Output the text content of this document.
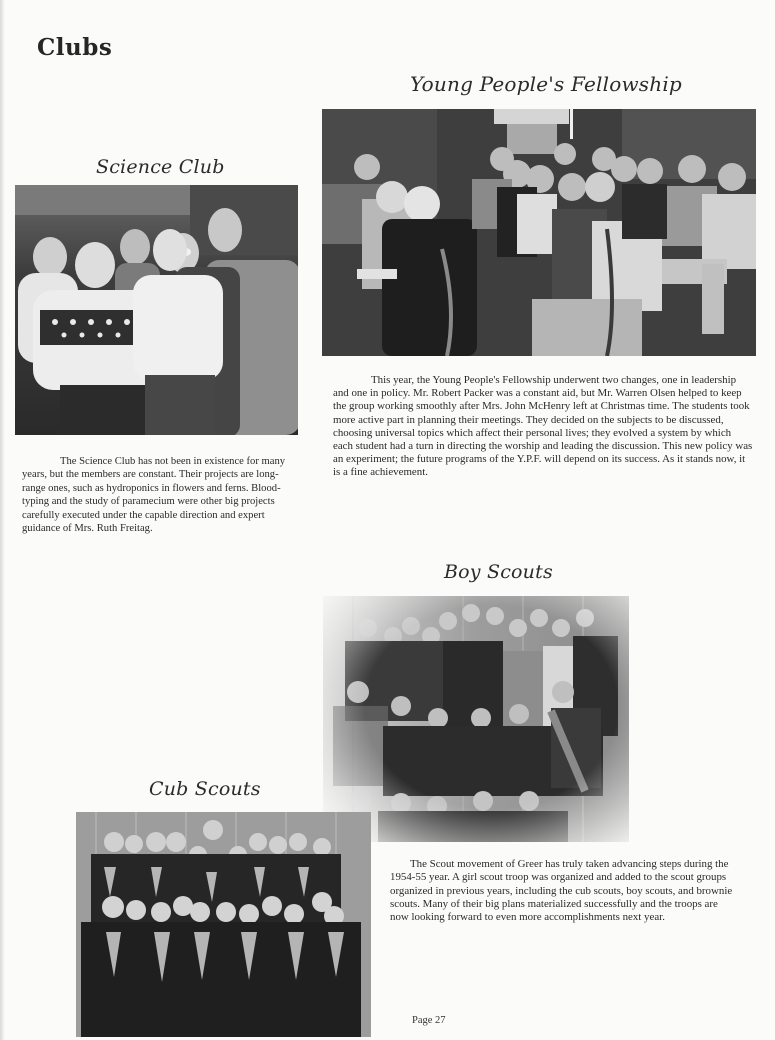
Clubs
Science Club

The Science Club has not been in existence for many years, but the members are constant. Their projects are long-range ones, such as hydroponics in flowers and ferns. Blood-typing and the study of paramecium were other big projects carefully executed under the capable direction and expert guidance of Mrs. Ruth Freitag.

Young People's Fellowship

This year, the Young People's Fellowship underwent two changes, one in leadership and one in policy. Mr. Robert Packer was a constant aid, but Mr. Warren Olsen helped to keep the group working smoothly after Mrs. John McHenry left at Christmas time. The students took more active part in planning their meetings. They decided on the subjects to be discussed, choosing universal topics which affect their personal lives; they evolved a system by which each student had a turn in directing the worship and leading the discussion. This new policy was an experiment; the future programs of the Y.P.F. will depend on its success. As it stands now, it is a fine achievement.

Boy Scouts

The Scout movement of Greer has truly taken advancing steps during the 1954-55 year. A girl scout troop was organized and added to the scout groups organized in previous years, including the cub scouts, boy scouts, and brownie scouts. Many of their big plans materialized successfully and the troops are now looking forward to even more accomplishments next year.

Cub Scouts
Page 27
